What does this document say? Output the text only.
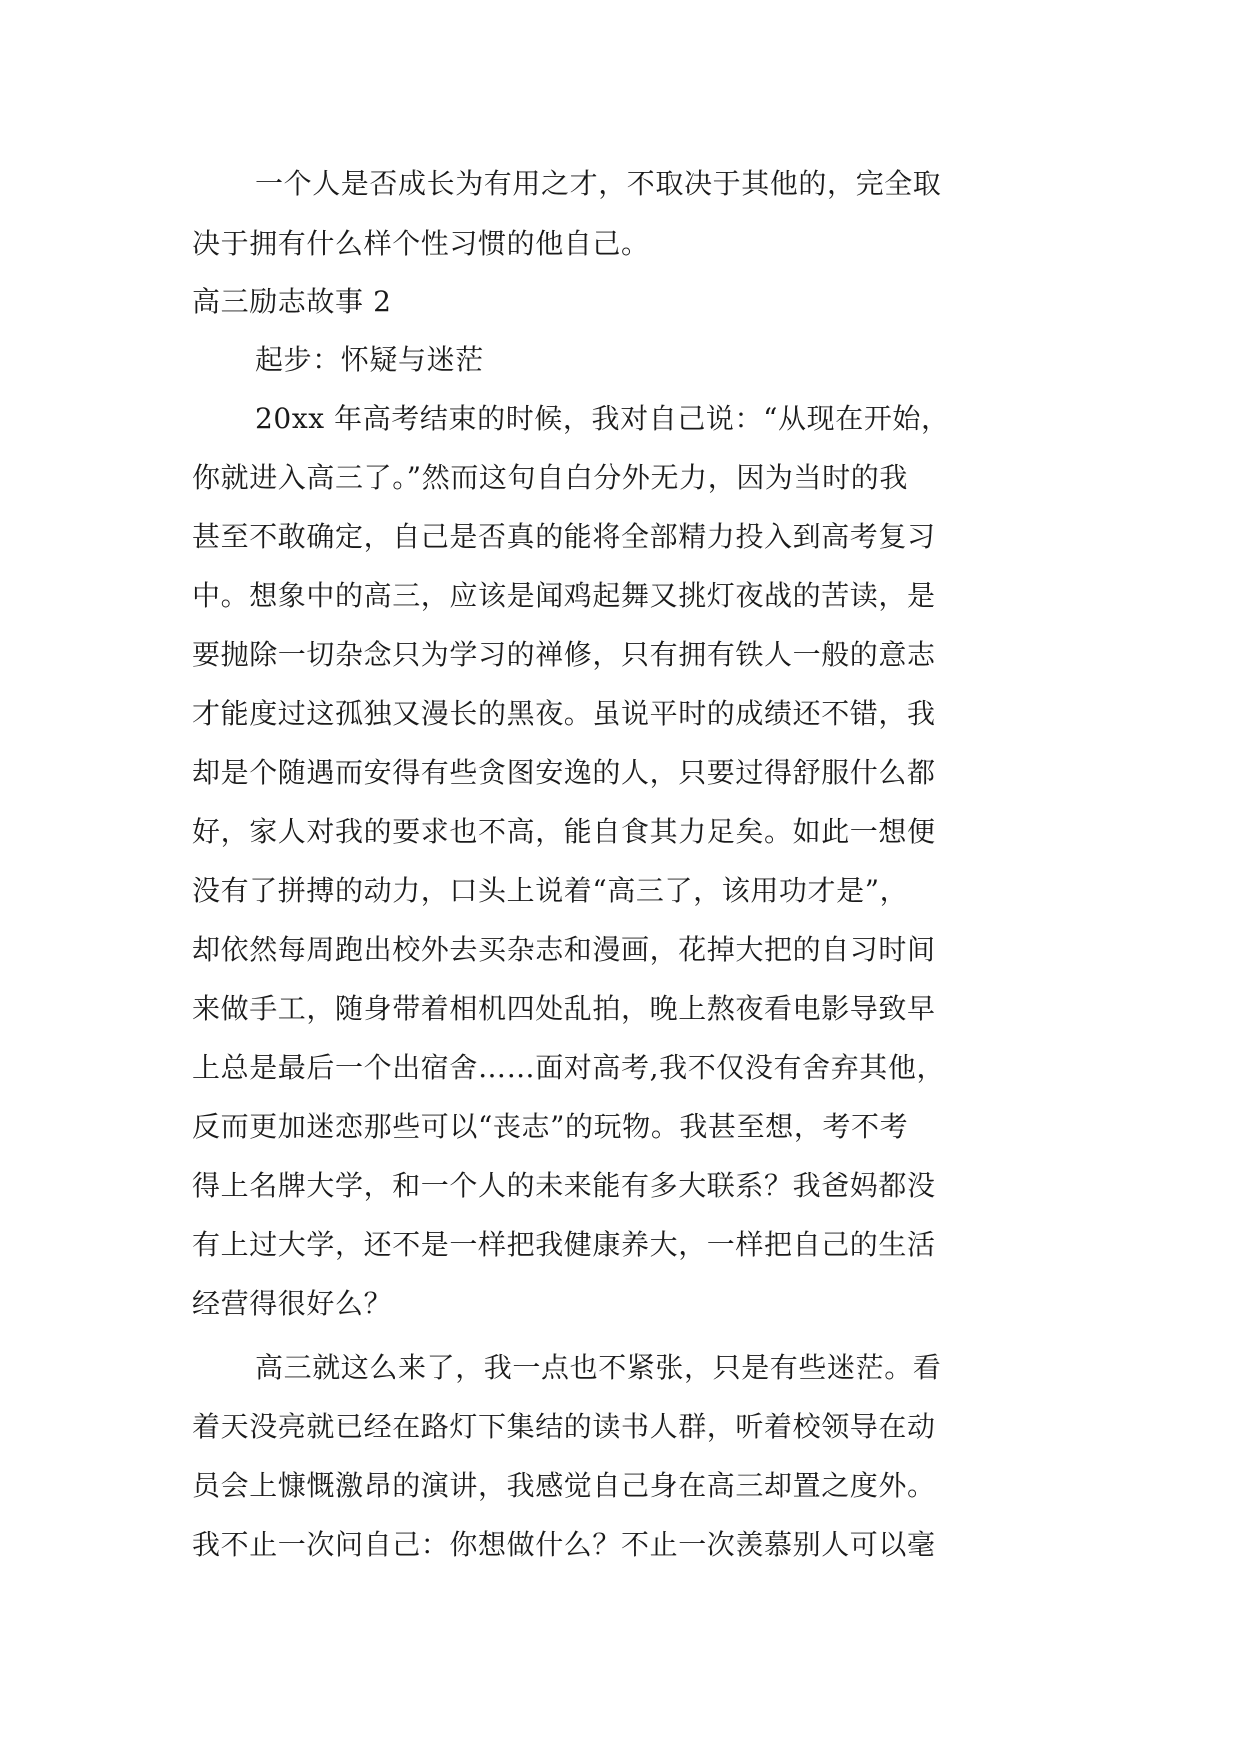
一个人是否成长为有用之才，不取决于其他的，完全取
决于拥有什么样个性习惯的他自己。
高三励志故事 2
起步：怀疑与迷茫
20xx 年高考结束的时候，我对自己说：“从现在开始，
你就进入高三了。”然而这句自白分外无力，因为当时的我
甚至不敢确定，自己是否真的能将全部精力投入到高考复习
中。想象中的高三，应该是闻鸡起舞又挑灯夜战的苦读，是
要抛除一切杂念只为学习的禅修，只有拥有铁人一般的意志
才能度过这孤独又漫长的黑夜。虽说平时的成绩还不错，我
却是个随遇而安得有些贪图安逸的人，只要过得舒服什么都
好，家人对我的要求也不高，能自食其力足矣。如此一想便
没有了拼搏的动力，口头上说着“高三了，该用功才是”，
却依然每周跑出校外去买杂志和漫画，花掉大把的自习时间
来做手工，随身带着相机四处乱拍，晚上熬夜看电影导致早
上总是最后一个出宿舍……面对高考,我不仅没有舍弃其他，
反而更加迷恋那些可以“丧志”的玩物。我甚至想，考不考
得上名牌大学，和一个人的未来能有多大联系？我爸妈都没
有上过大学，还不是一样把我健康养大，一样把自己的生活
经营得很好么？
高三就这么来了，我一点也不紧张，只是有些迷茫。看
着天没亮就已经在路灯下集结的读书人群，听着校领导在动
员会上慷慨激昂的演讲，我感觉自己身在高三却置之度外。
我不止一次问自己：你想做什么？不止一次羡慕别人可以毫
